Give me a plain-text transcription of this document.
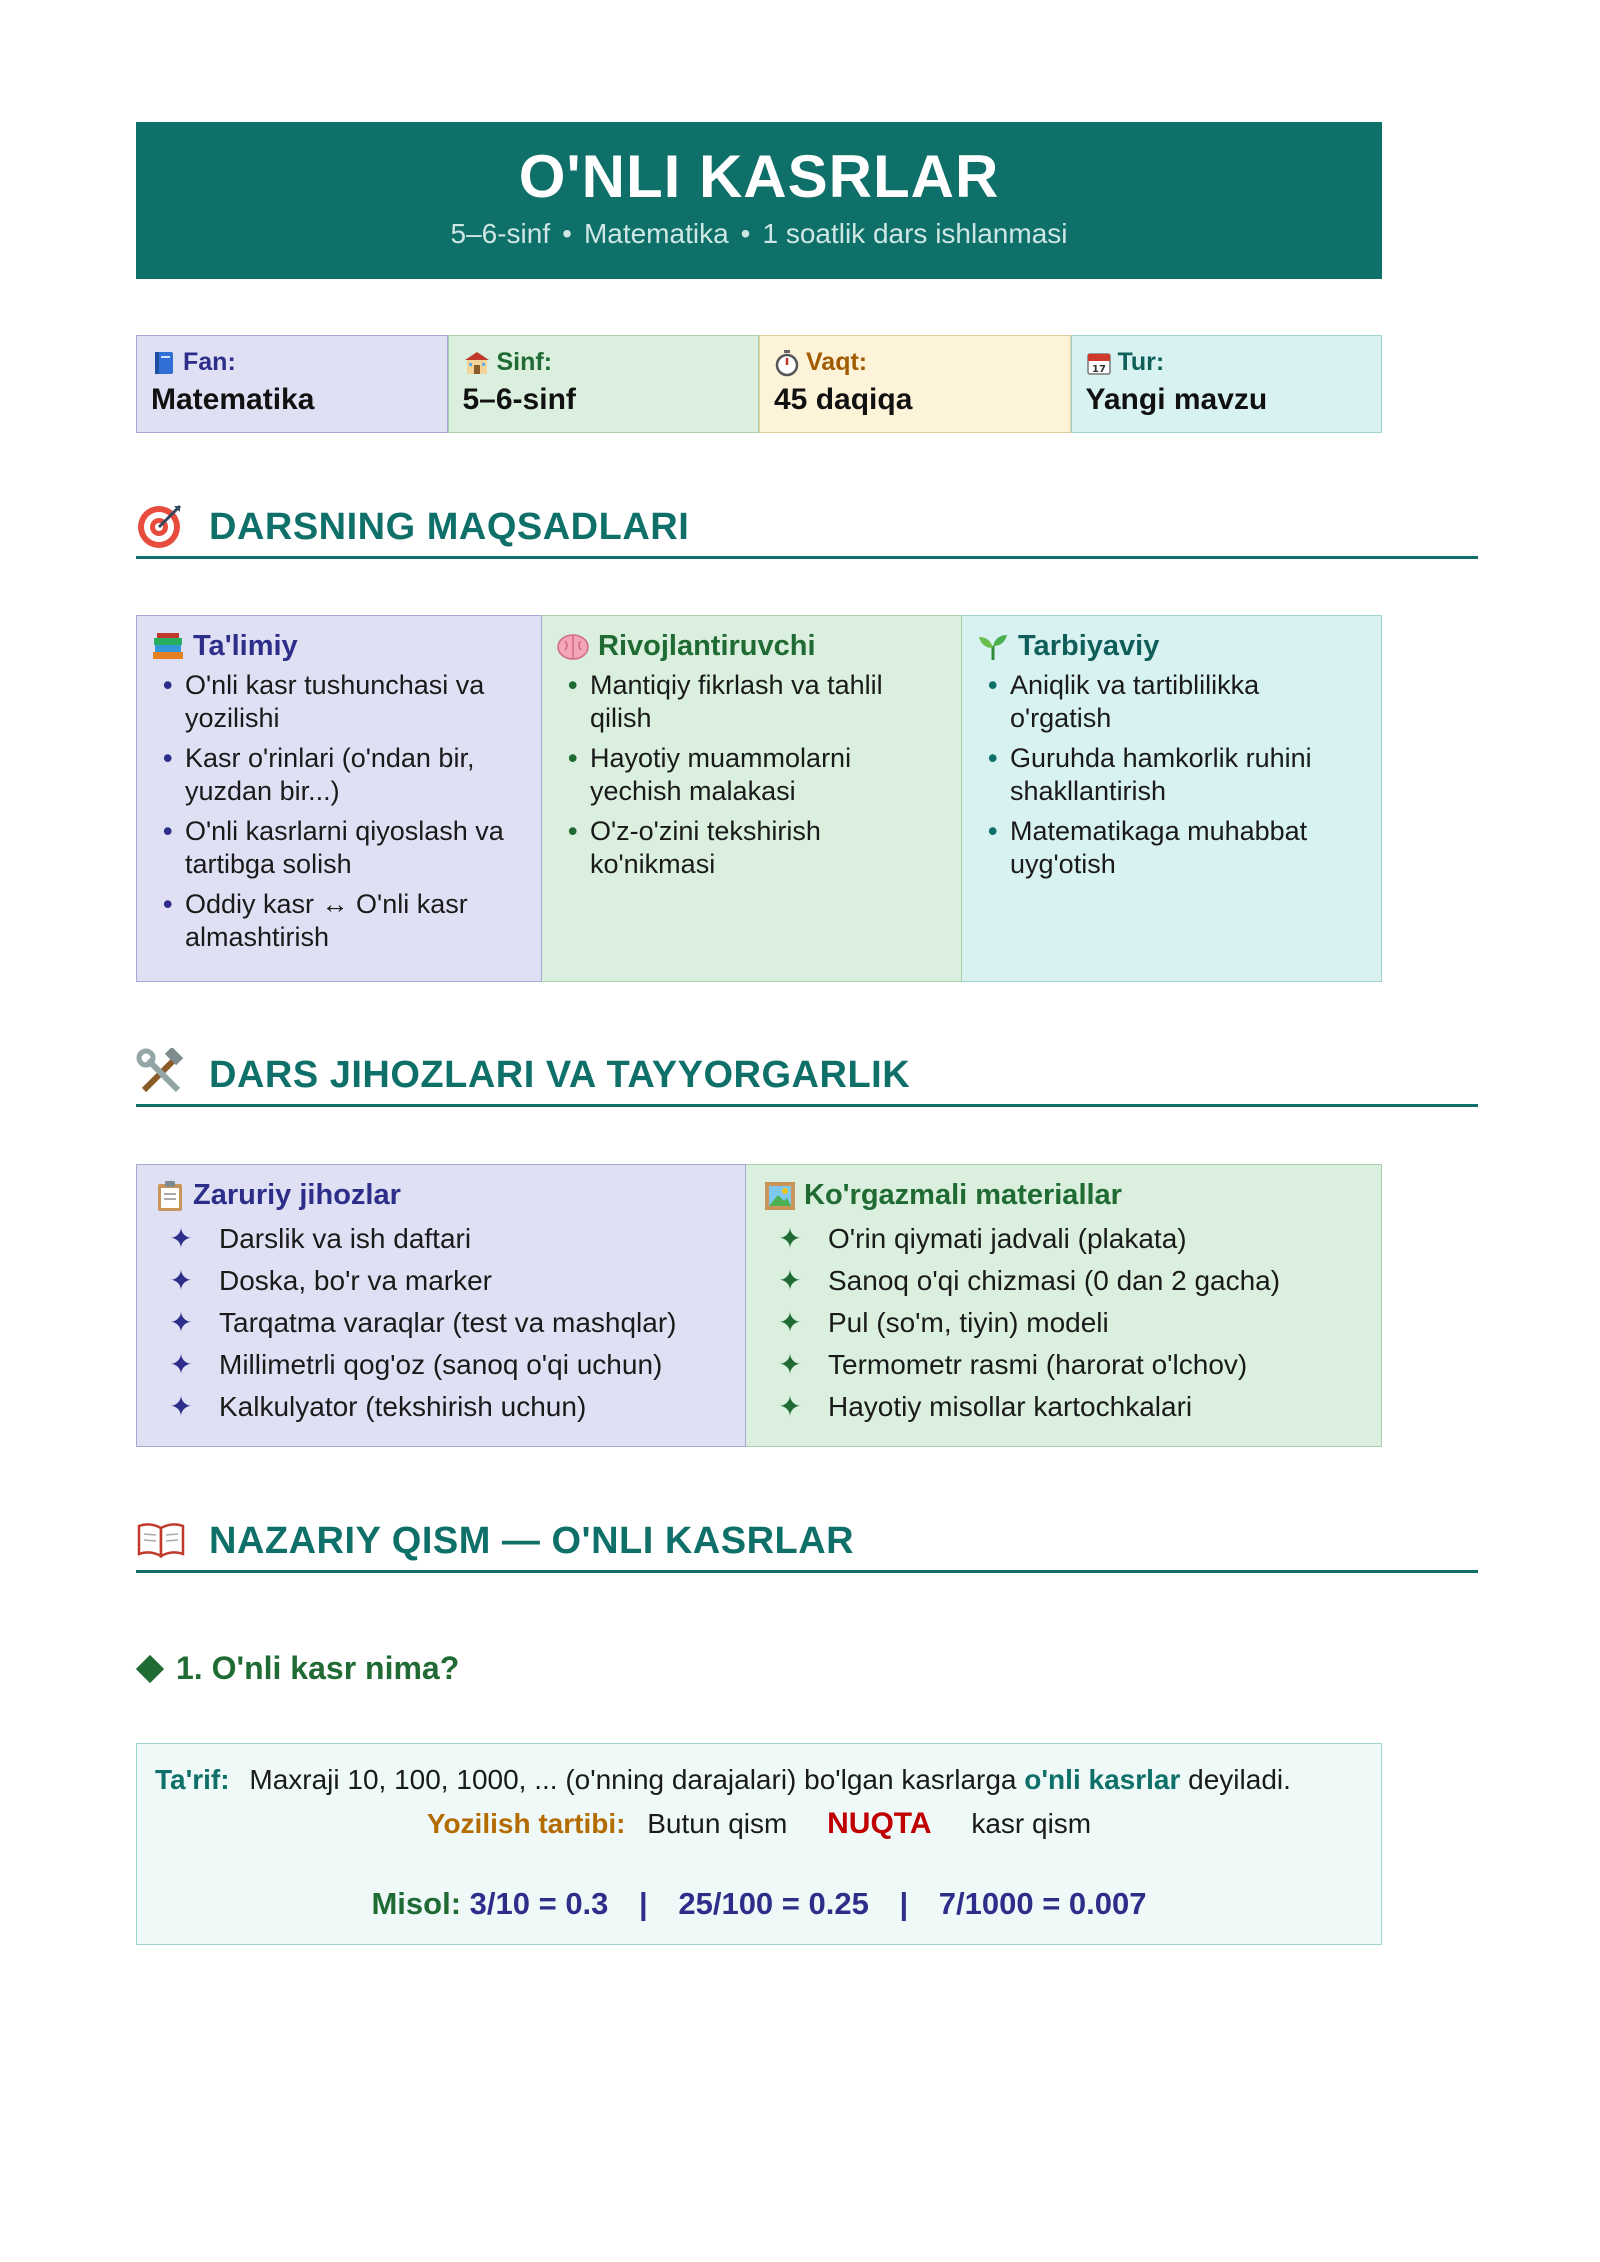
O'NLI KASRLAR
5–6-sinf • Matematika • 1 soatlik dars ishlanmasi
Fan:
Matematika
Sinf:
5–6-sinf
Vaqt:
45 daqiqa
17 Tur:
Yangi mavzu
DARSNING MAQSADLARI
Ta'limiy
• O'nli kasr tushunchasi va yozilishi
• Kasr o'rinlari (o'ndan bir, yuzdan bir...)
• O'nli kasrlarni qiyoslash va tartibga solish
• Oddiy kasr ↔ O'nli kasr almashtirish
Rivojlantiruvchi
• Mantiqiy fikrlash va tahlil qilish
• Hayotiy muammolarni yechish malakasi
• O'z-o'zini tekshirish ko'nikmasi
Tarbiyaviy
• Aniqlik va tartiblilikka o'rgatish
• Guruhda hamkorlik ruhini shakllantirish
• Matematikaga muhabbat uyg'otish
DARS JIHOZLARI VA TAYYORGARLIK
Zaruriy jihozlar
✦ Darslik va ish daftari
✦ Doska, bo'r va marker
✦ Tarqatma varaqlar (test va mashqlar)
✦ Millimetrli qog'oz (sanoq o'qi uchun)
✦ Kalkulyator (tekshirish uchun)
Ko'rgazmali materiallar
✦ O'rin qiymati jadvali (plakata)
✦ Sanoq o'qi chizmasi (0 dan 2 gacha)
✦ Pul (so'm, tiyin) modeli
✦ Termometr rasmi (harorat o'lchov)
✦ Hayotiy misollar kartochkalari
NAZARIY QISM — O'NLI KASRLAR
1. O'nli kasr nima?
Ta'rif: Maxraji 10, 100, 1000, ... (o'nning darajalari) bo'lgan kasrlarga o'nli kasrlar deyiladi.
Yozilish tartibi: Butun qism NUQTA kasr qism
Misol: 3/10 = 0.3 | 25/100 = 0.25 | 7/1000 = 0.007
